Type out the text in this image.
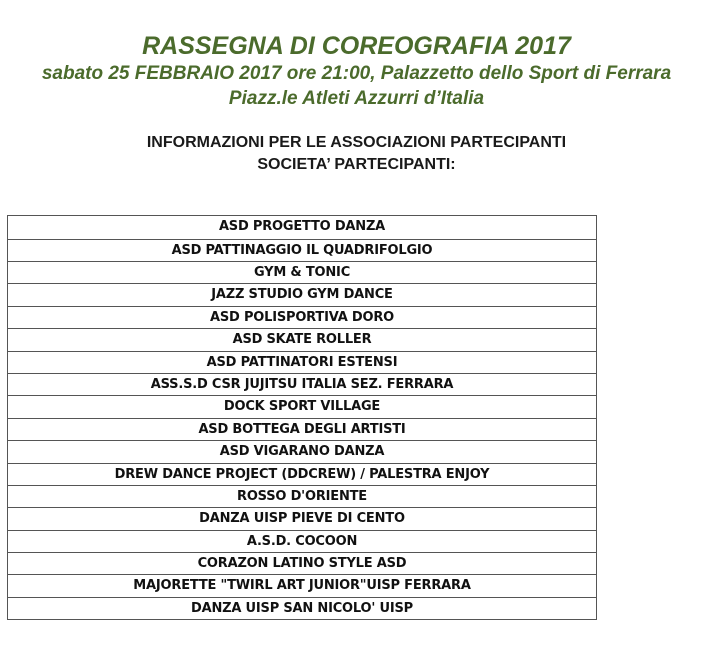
RASSEGNA DI COREOGRAFIA 2017
sabato 25 FEBBRAIO 2017 ore 21:00, Palazzetto dello Sport di Ferrara
Piazz.le Atleti Azzurri d’Italia
INFORMAZIONI PER LE ASSOCIAZIONI PARTECIPANTI
SOCIETA’ PARTECIPANTI:
ASD PROGETTO DANZA
ASD PATTINAGGIO IL QUADRIFOLGIO
GYM & TONIC
JAZZ STUDIO GYM DANCE
ASD POLISPORTIVA DORO
ASD SKATE ROLLER
ASD PATTINATORI ESTENSI
ASS.S.D CSR JUJITSU ITALIA SEZ. FERRARA
DOCK SPORT VILLAGE
ASD BOTTEGA DEGLI ARTISTI
ASD VIGARANO DANZA
DREW DANCE PROJECT (DDCREW) / PALESTRA ENJOY
ROSSO D'ORIENTE
DANZA UISP PIEVE DI CENTO
A.S.D. COCOON
CORAZON LATINO STYLE ASD
MAJORETTE "TWIRL ART JUNIOR"UISP FERRARA
DANZA UISP SAN NICOLO' UISP
